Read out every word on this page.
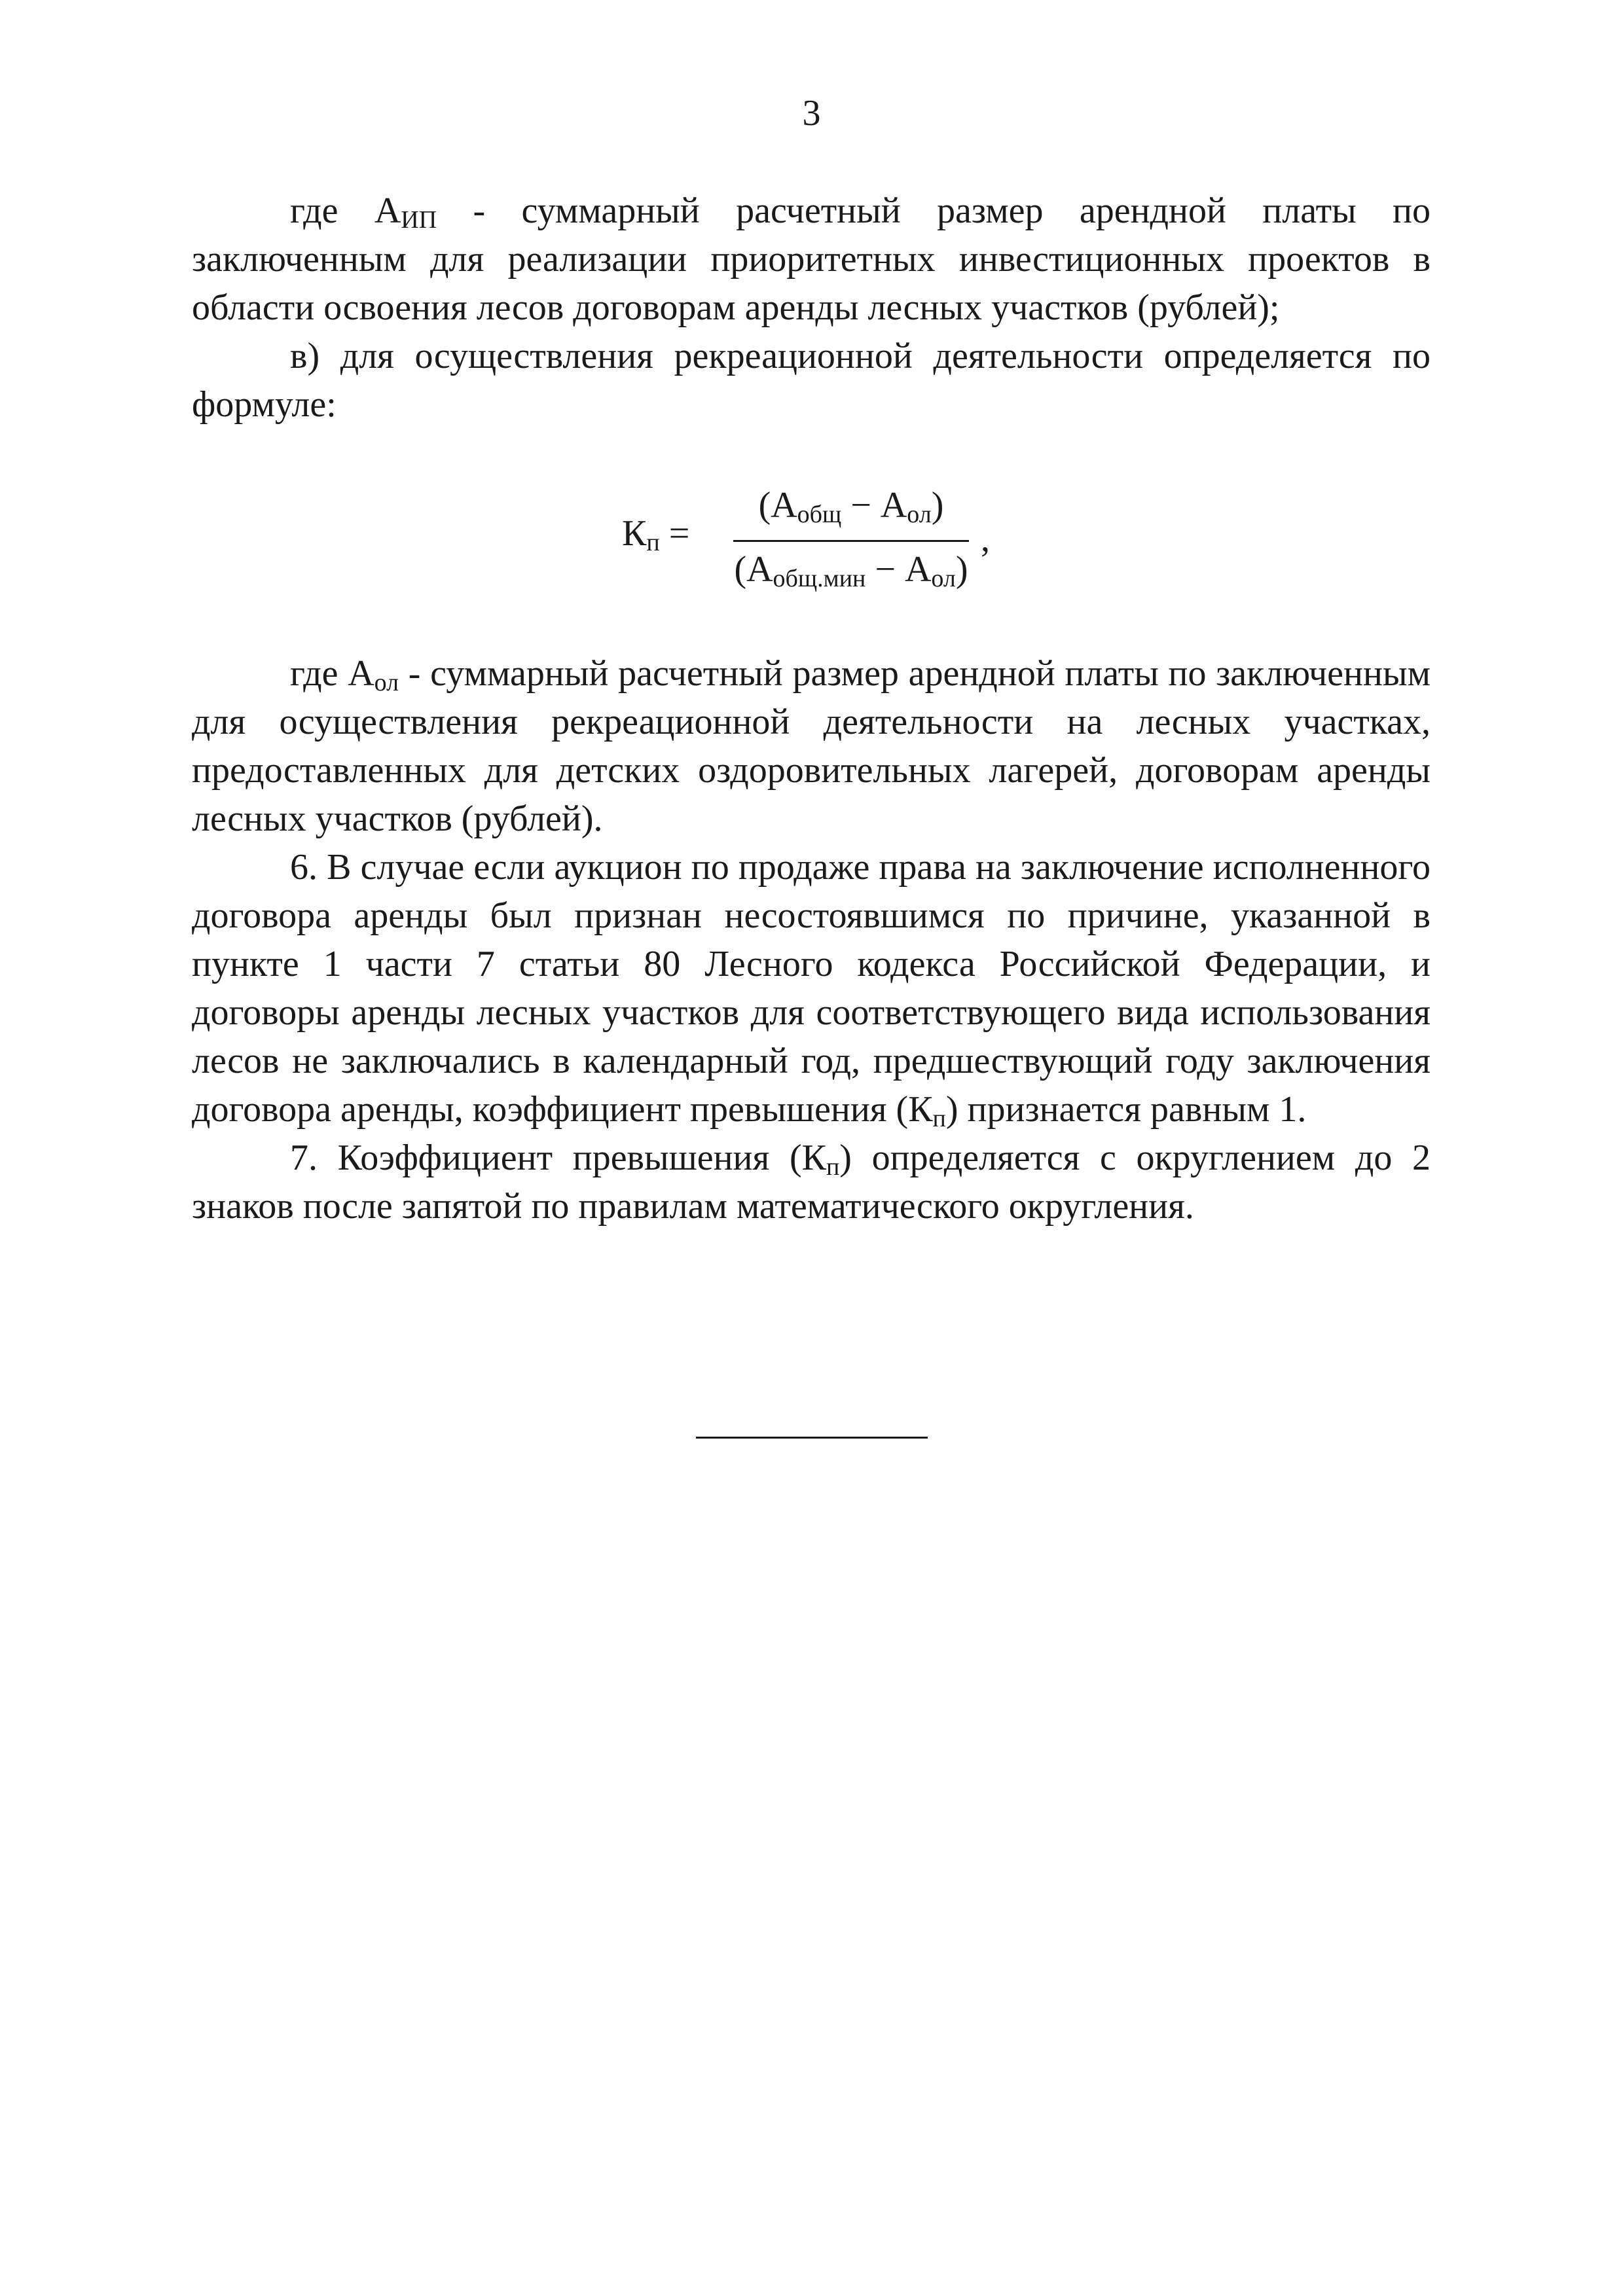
3

где $А_{ИП}$ - суммарный расчетный размер арендной платы по заключенным для реализации приоритетных инвестиционных проектов в области освоения лесов договорам аренды лесных участков (рублей);

в) для осуществления рекреационной деятельности определяется по формуле:

$К_п$ =
$(А_{общ} - А_{ол})$
$(А_{общ.мин} - А_{ол})$
,

где $А_{ол}$ - суммарный расчетный размер арендной платы по заключенным для осуществления рекреационной деятельности на лесных участках, предоставленных для детских оздоровительных лагерей, договорам аренды лесных участков (рублей).

6. В случае если аукцион по продаже права на заключение исполненного договора аренды был признан несостоявшимся по причине, указанной в пункте 1 части 7 статьи 80 Лесного кодекса Российской Федерации, и договоры аренды лесных участков для соответствующего вида использования лесов не заключались в календарный год, предшествующий году заключения договора аренды, коэффициент превышения $(К_п)$ признается равным 1.

7. Коэффициент превышения $(К_п)$ определяется с округлением до 2 знаков после запятой по правилам математического округления.
